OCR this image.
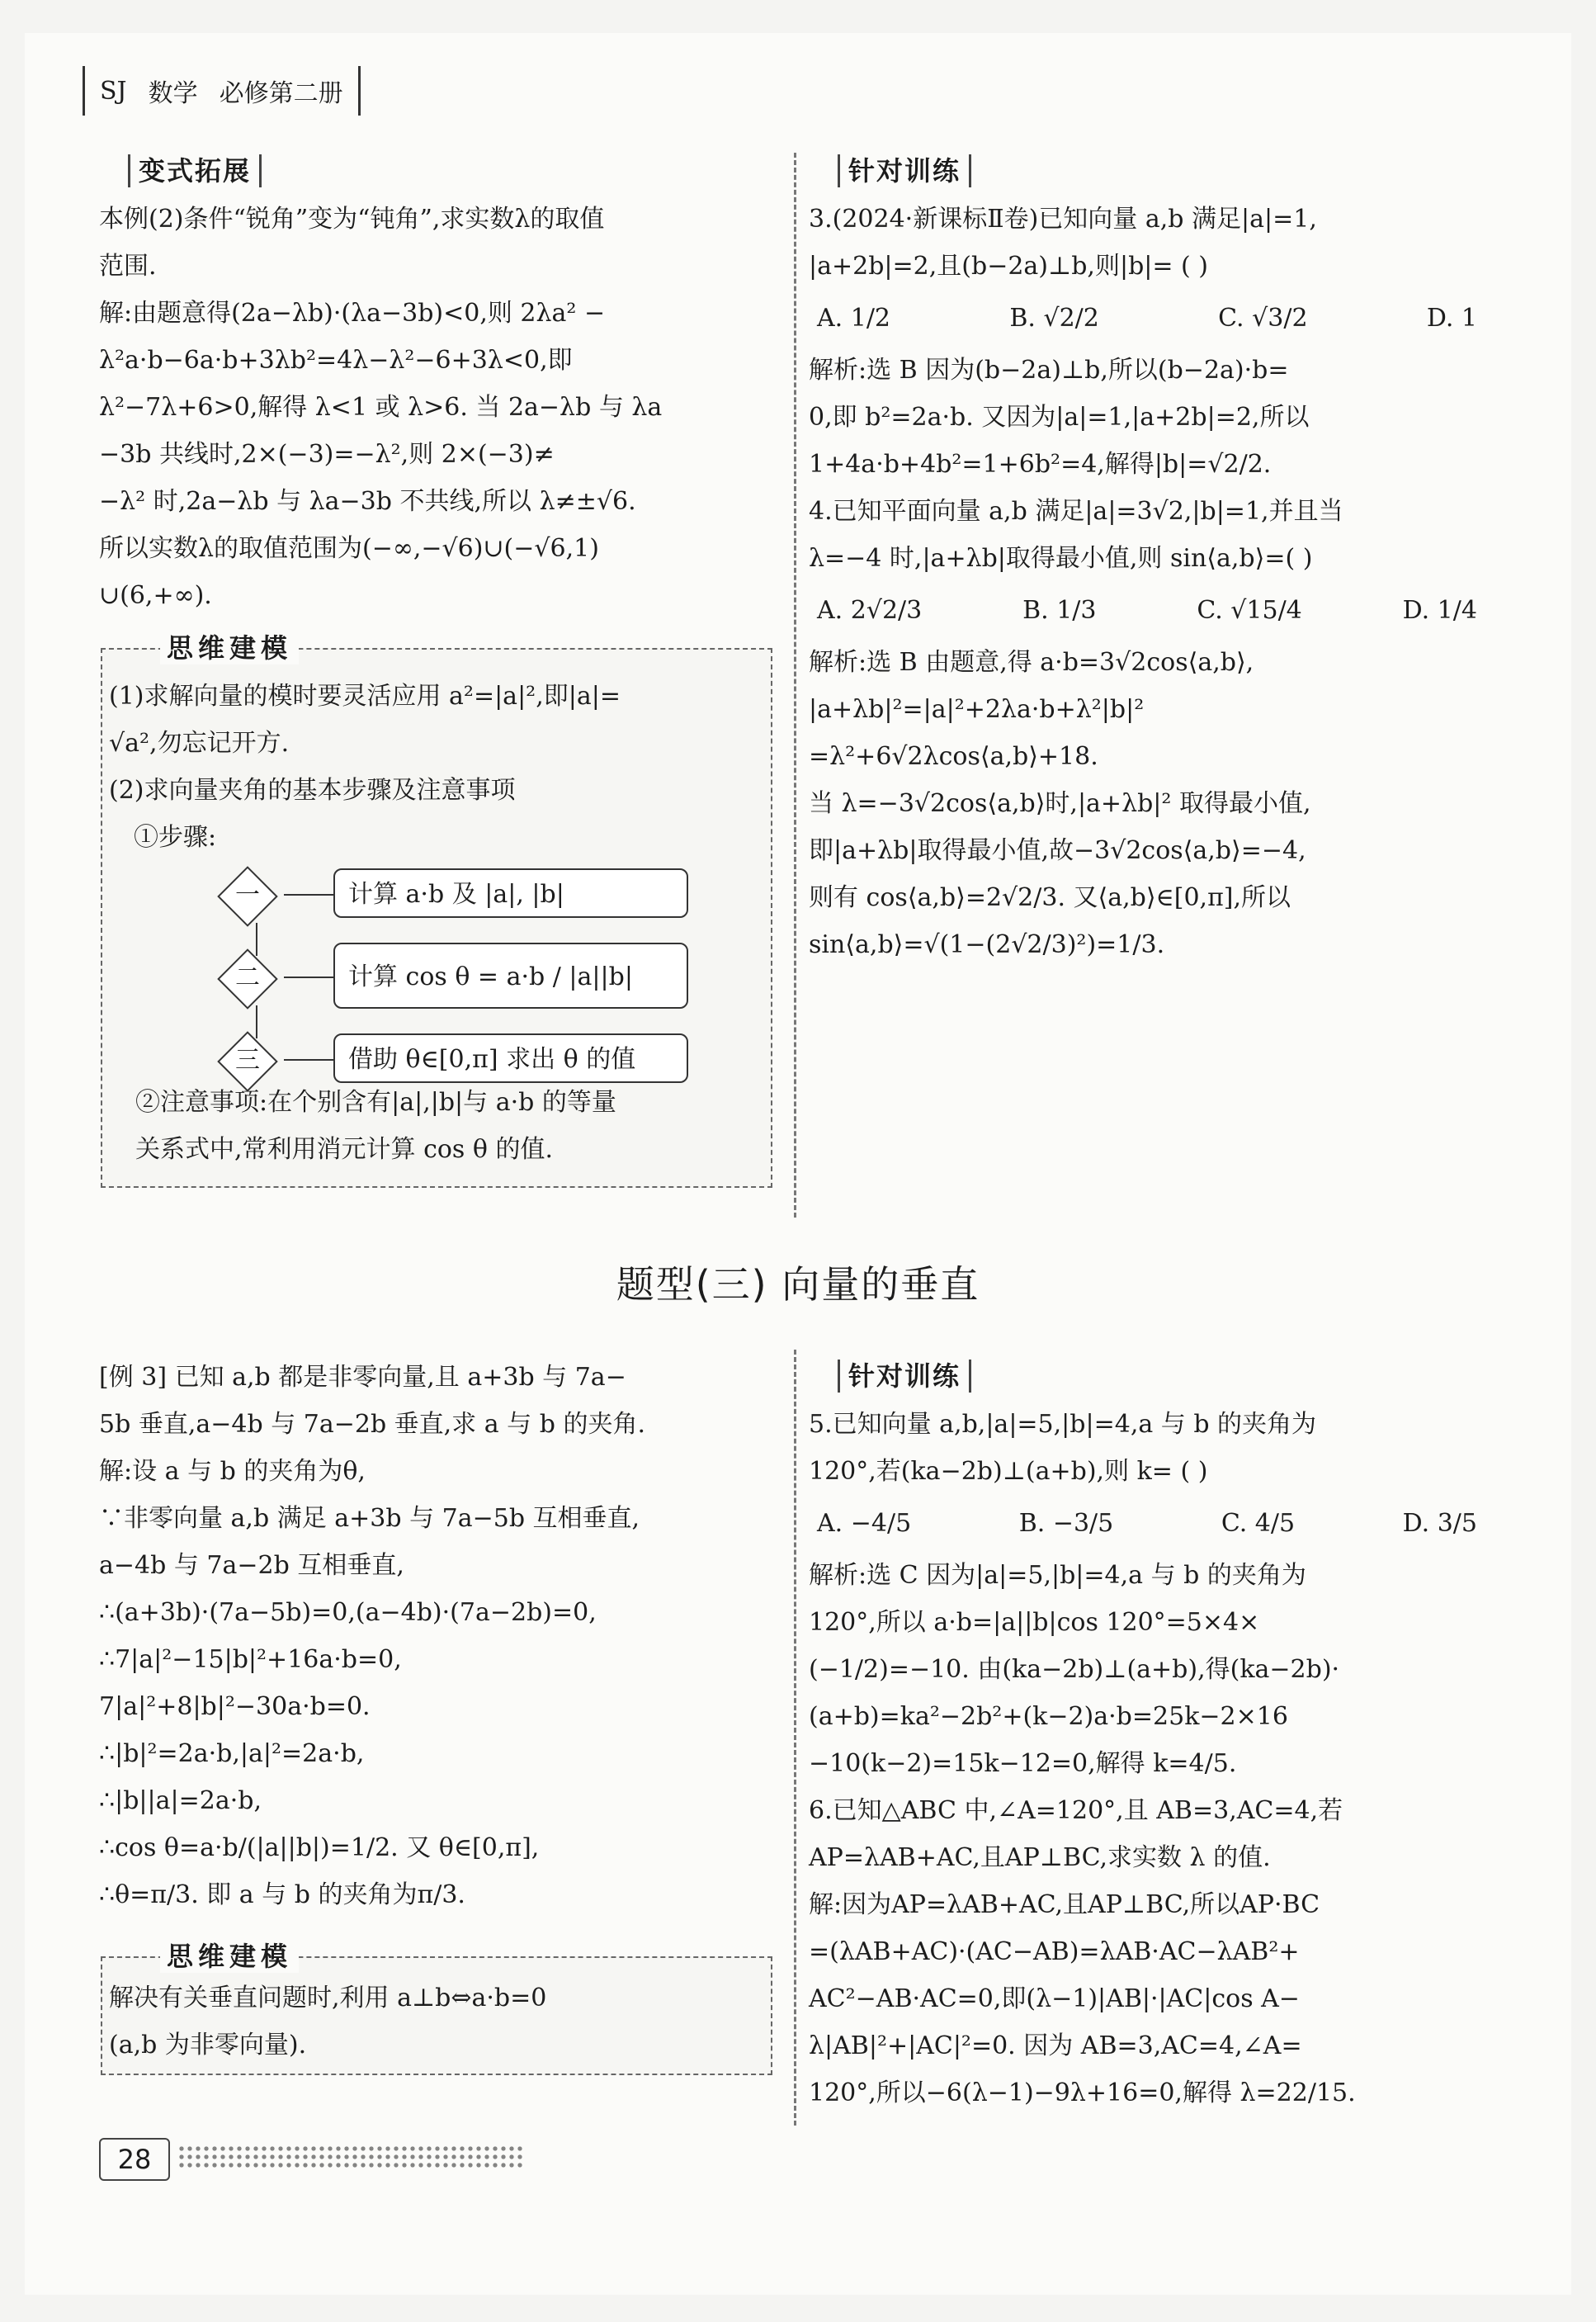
SJ 数学 必修第二册
变式拓展

本例(2)条件“锐角”变为“钝角”,求实数λ的取值

范围.

解:由题意得(2a−λb)·(λa−3b)<0,则 2λa² −

λ²a·b−6a·b+3λb²=4λ−λ²−6+3λ<0,即

λ²−7λ+6>0,解得 λ<1 或 λ>6. 当 2a−λb 与 λa

−3b 共线时,2×(−3)=−λ²,则 2×(−3)≠

−λ² 时,2a−λb 与 λa−3b 不共线,所以 λ≠±√6.

所以实数λ的取值范围为(−∞,−√6)∪(−√6,1)

∪(6,+∞).

思维建模

(1)求解向量的模时要灵活应用 a²=|a|²,即|a|=

√a²,勿忘记开方.

(2)求向量夹角的基本步骤及注意事项

①步骤:

一	计算 a·b 及 |a|, |b|
二	计算 cos θ = a·b / |a||b|
三	借助 θ∈[0,π] 求出 θ 的值

②注意事项:在个别含有|a|,|b|与 a·b 的等量

关系式中,常利用消元计算 cos θ 的值.

针对训练

3.(2024·新课标Ⅱ卷)已知向量 a,b 满足|a|=1,

|a+2b|=2,且(b−2a)⊥b,则|b|= ( )

A. 1/2	B. √2/2	C. √3/2	D. 1

解析:选 B 因为(b−2a)⊥b,所以(b−2a)·b=

0,即 b²=2a·b. 又因为|a|=1,|a+2b|=2,所以

1+4a·b+4b²=1+6b²=4,解得|b|=√2/2.

4.已知平面向量 a,b 满足|a|=3√2,|b|=1,并且当

λ=−4 时,|a+λb|取得最小值,则 sin⟨a,b⟩=( )

A. 2√2/3	B. 1/3	C. √15/4	D. 1/4

解析:选 B 由题意,得 a·b=3√2cos⟨a,b⟩,

|a+λb|²=|a|²+2λa·b+λ²|b|²

=λ²+6√2λcos⟨a,b⟩+18.

当 λ=−3√2cos⟨a,b⟩时,|a+λb|² 取得最小值,

即|a+λb|取得最小值,故−3√2cos⟨a,b⟩=−4,

则有 cos⟨a,b⟩=2√2/3. 又⟨a,b⟩∈[0,π],所以

sin⟨a,b⟩=√(1−(2√2/3)²)=1/3.

题型(三) 向量的垂直

[例 3] 已知 a,b 都是非零向量,且 a+3b 与 7a−

5b 垂直,a−4b 与 7a−2b 垂直,求 a 与 b 的夹角.

解:设 a 与 b 的夹角为θ,

∵非零向量 a,b 满足 a+3b 与 7a−5b 互相垂直,

a−4b 与 7a−2b 互相垂直,

∴(a+3b)·(7a−5b)=0,(a−4b)·(7a−2b)=0,

∴7|a|²−15|b|²+16a·b=0,

7|a|²+8|b|²−30a·b=0.

∴|b|²=2a·b,|a|²=2a·b,

∴|b||a|=2a·b,

∴cos θ=a·b/(|a||b|)=1/2. 又 θ∈[0,π],

∴θ=π/3. 即 a 与 b 的夹角为π/3.

思维建模

解决有关垂直问题时,利用 a⊥b⇔a·b=0

(a,b 为非零向量).

针对训练

5.已知向量 a,b,|a|=5,|b|=4,a 与 b 的夹角为

120°,若(ka−2b)⊥(a+b),则 k= ( )

A. −4/5	B. −3/5	C. 4/5	D. 3/5

解析:选 C 因为|a|=5,|b|=4,a 与 b 的夹角为

120°,所以 a·b=|a||b|cos 120°=5×4×

(−1/2)=−10. 由(ka−2b)⊥(a+b),得(ka−2b)·

(a+b)=ka²−2b²+(k−2)a·b=25k−2×16

−10(k−2)=15k−12=0,解得 k=4/5.

6.已知△ABC 中,∠A=120°,且 AB=3,AC=4,若

AP=λAB+AC,且AP⊥BC,求实数 λ 的值.

解:因为AP=λAB+AC,且AP⊥BC,所以AP·BC

=(λAB+AC)·(AC−AB)=λAB·AC−λAB²+

AC²−AB·AC=0,即(λ−1)|AB|·|AC|cos A−

λ|AB|²+|AC|²=0. 因为 AB=3,AC=4,∠A=

120°,所以−6(λ−1)−9λ+16=0,解得 λ=22/15.

28
